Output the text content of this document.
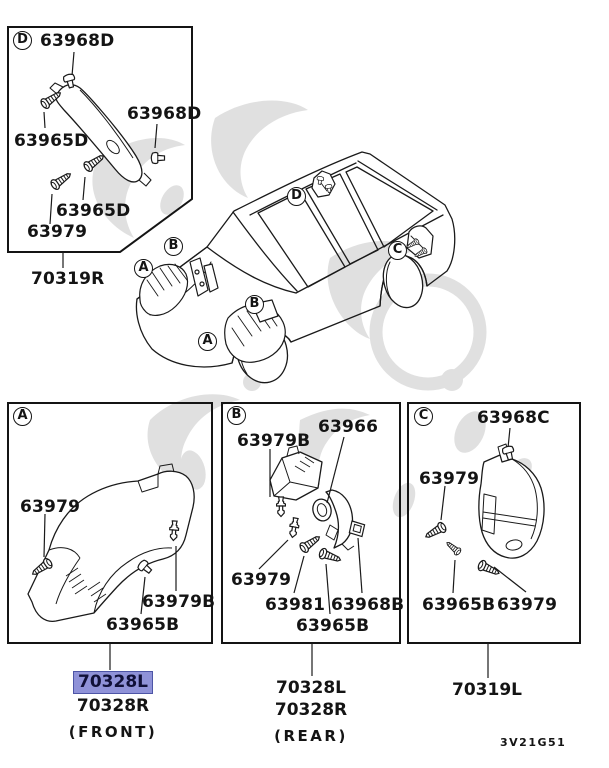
D
A	B	C
A
B
D
C
B
A
63968D
63965D
63968D
63965D
63979
70319R
63979
63979B
63965B
63979B
63966
63979
63981 63968B
63965B
63968C
63979
63965B 63979
70328L
70328R
(FRONT)
70328L
70328R
(REAR)
70319L
3V21G51
